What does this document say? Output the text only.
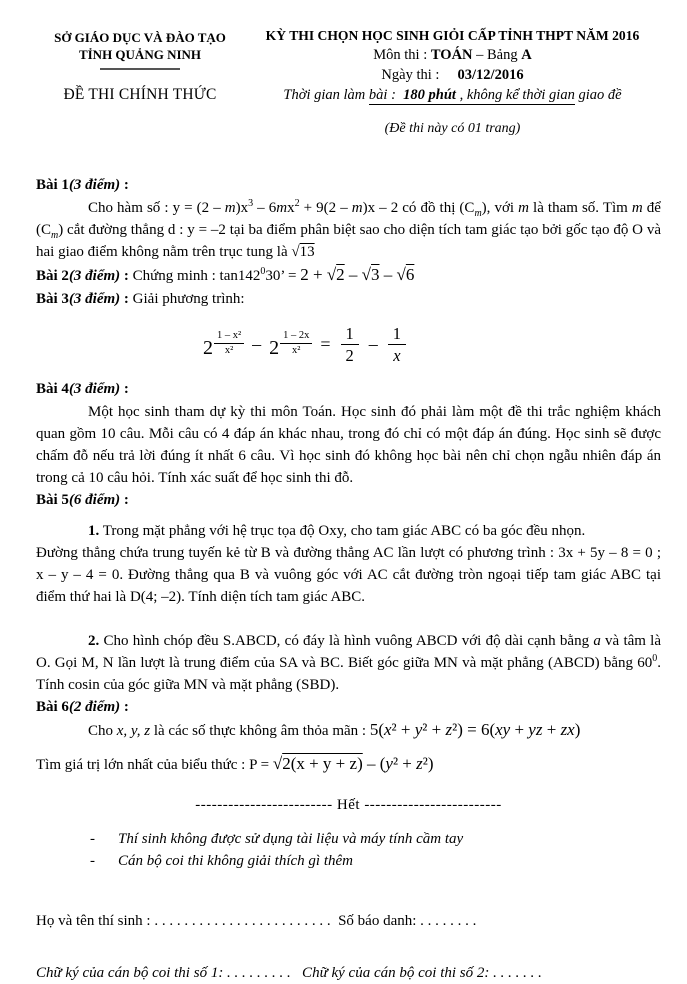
SỞ GIÁO DỤC VÀ ĐÀO TẠO
TỈNH QUẢNG NINH
ĐỀ THI CHÍNH THỨC
KỲ THI CHỌN HỌC SINH GIỎI CẤP TỈNH THPT NĂM 2016
Môn thi : TOÁN – Bảng A
Ngày thi :     03/12/2016
Thời gian làm bài :  180 phút , không kể thời gian giao đề
(Đề thi này có 01 trang)

Bài 1(3 điểm) :

Cho hàm số : $y = (2 - m)x^3 - 6mx^2 + 9(2 - m)x - 2$ có đồ thị $(C_m)$, với m là tham số. Tìm m để $(C_m)$ cắt đường thẳng d : y = –2 tại ba điểm phân biệt sao cho diện tích tam giác tạo bởi gốc tạo độ O và hai giao điểm không nằm trên trục tung là √13

Bài 2(3 điểm) : Chứng minh : $\tan 142^030$’ = 2 + √2 – √3 – √6

Bài 3(3 điểm) : Giải phương trình:

$2 \frac{\text{1 – x²}}{\text{x²}} - 2 \frac{1 - 2x}{\text{x²}} = \frac{1}{2} - \frac{1}{x}$

Bài 4(3 điểm) :

Một học sinh tham dự kỳ thi môn Toán. Học sinh đó phải làm một đề thi trắc nghiệm khách quan gồm 10 câu. Mỗi câu có 4 đáp án khác nhau, trong đó chỉ có một đáp án đúng. Học sinh sẽ được chấm đỗ nếu trả lời đúng ít nhất 6 câu. Vì học sinh đó không học bài nên chỉ chọn ngẫu nhiên đáp án trong cả 10 câu hỏi. Tính xác suất để học sinh thi đỗ.

Bài 5(6 điểm) :

1. Trong mặt phẳng với hệ trục tọa độ Oxy, cho tam giác ABC có ba góc đều nhọn.

Đường thẳng chứa trung tuyến kẻ từ B và đường thẳng AC lần lượt có phương trình : 3x + 5y – 8 = 0 ; x – y – 4 = 0. Đường thẳng qua B và vuông góc với AC cắt đường tròn ngoại tiếp tam giác ABC tại điểm thứ hai là D(4; –2). Tính diện tích tam giác ABC.

2. Cho hình chóp đều S.ABCD, có đáy là hình vuông ABCD với độ dài cạnh bằng a và tâm là O. Gọi M, N lần lượt là trung điểm của SA và BC. Biết góc giữa MN và mặt phẳng (ABCD) bằng $60^0$. Tính cosin của góc giữa MN và mặt phẳng (SBD).

Bài 6(2 điểm) :

Cho x, y, z là các số thực không âm thỏa mãn : 5(x² + y² + z²) = 6(xy + yz + zx)

Tìm giá trị lớn nhất của biểu thức : P = √2(x + y + z) – (y² + z²)

------------------------- Hết -------------------------

- Thí sinh không được sử dụng tài liệu và máy tính cầm tay

- Cán bộ coi thi không giải thích gì thêm

Họ và tên thí sinh : . . . . . . . . . . . . . . . . . . . . . . . .  Số báo danh: . . . . . . . .

Chữ ký của cán bộ coi thi số 1: . . . . . . . . .   Chữ ký của cán bộ coi thi số 2: . . . . . . .
